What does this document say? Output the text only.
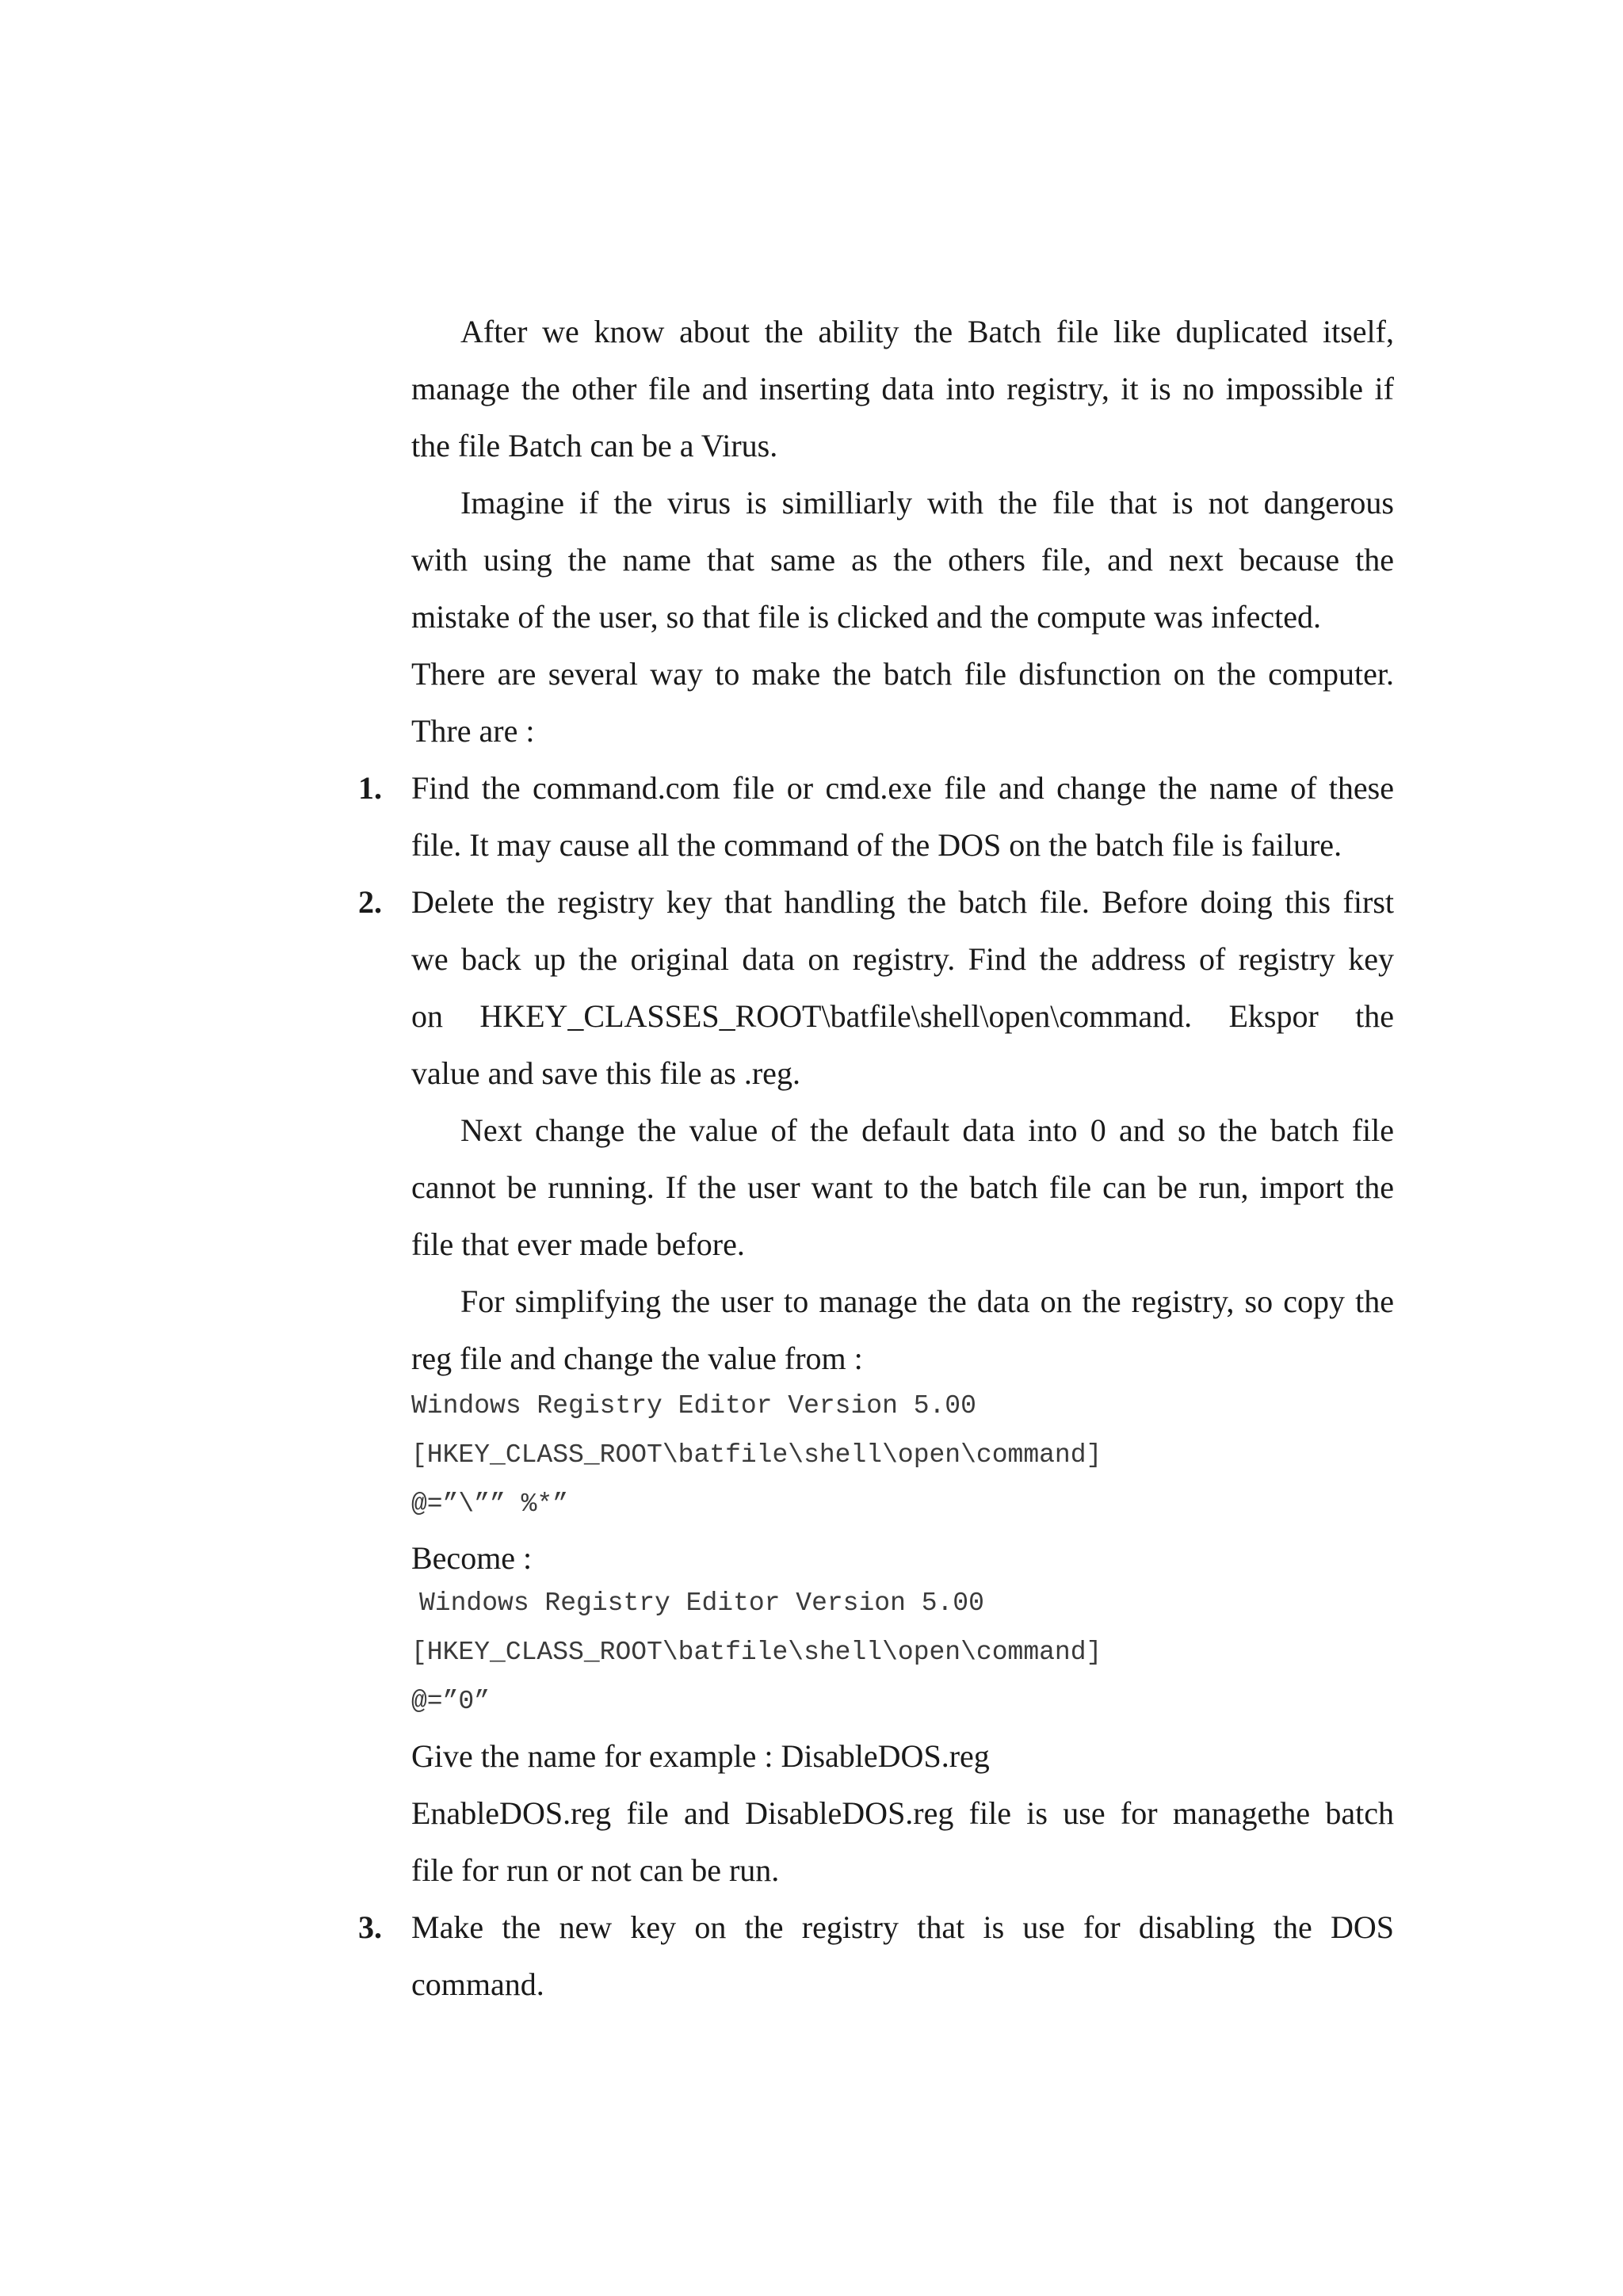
After we know about the ability the Batch file like duplicated itself,
manage the other file and inserting data into registry, it is no impossible if
the file Batch can be a Virus.
Imagine if the virus is similliarly with the file that is not dangerous
with using the name that same as the others file, and next because the
mistake of the user, so that file is clicked and the compute was infected.
There are several way to make the batch file disfunction on the computer.
Thre are :
1. Find the command.com file or cmd.exe file and change the name of these
file. It may cause all the command of the DOS on the batch file is failure.
2. Delete the registry key that handling the batch file. Before doing this first
we back up the original data on registry. Find the address of registry key
on HKEY_CLASSES_ROOT\batfile\shell\open\command. Ekspor the
value and save this file as .reg.
Next change the value of the default data into 0 and so the batch file
cannot be running. If the user want to the batch file can be run, import the
file that ever made before.
For simplifying the user to manage the data on the registry, so copy the
reg file and change the value from :
Windows Registry Editor Version 5.00
[HKEY_CLASS_ROOT\batfile\shell\open\command]
@=”\”” %*”
Become :
Windows Registry Editor Version 5.00
[HKEY_CLASS_ROOT\batfile\shell\open\command]
@=”0”
Give the name for example : DisableDOS.reg
EnableDOS.reg file and DisableDOS.reg file is use for managethe batch
file for run or not can be run.
3. Make the new key on the registry that is use for disabling the DOS
command.
